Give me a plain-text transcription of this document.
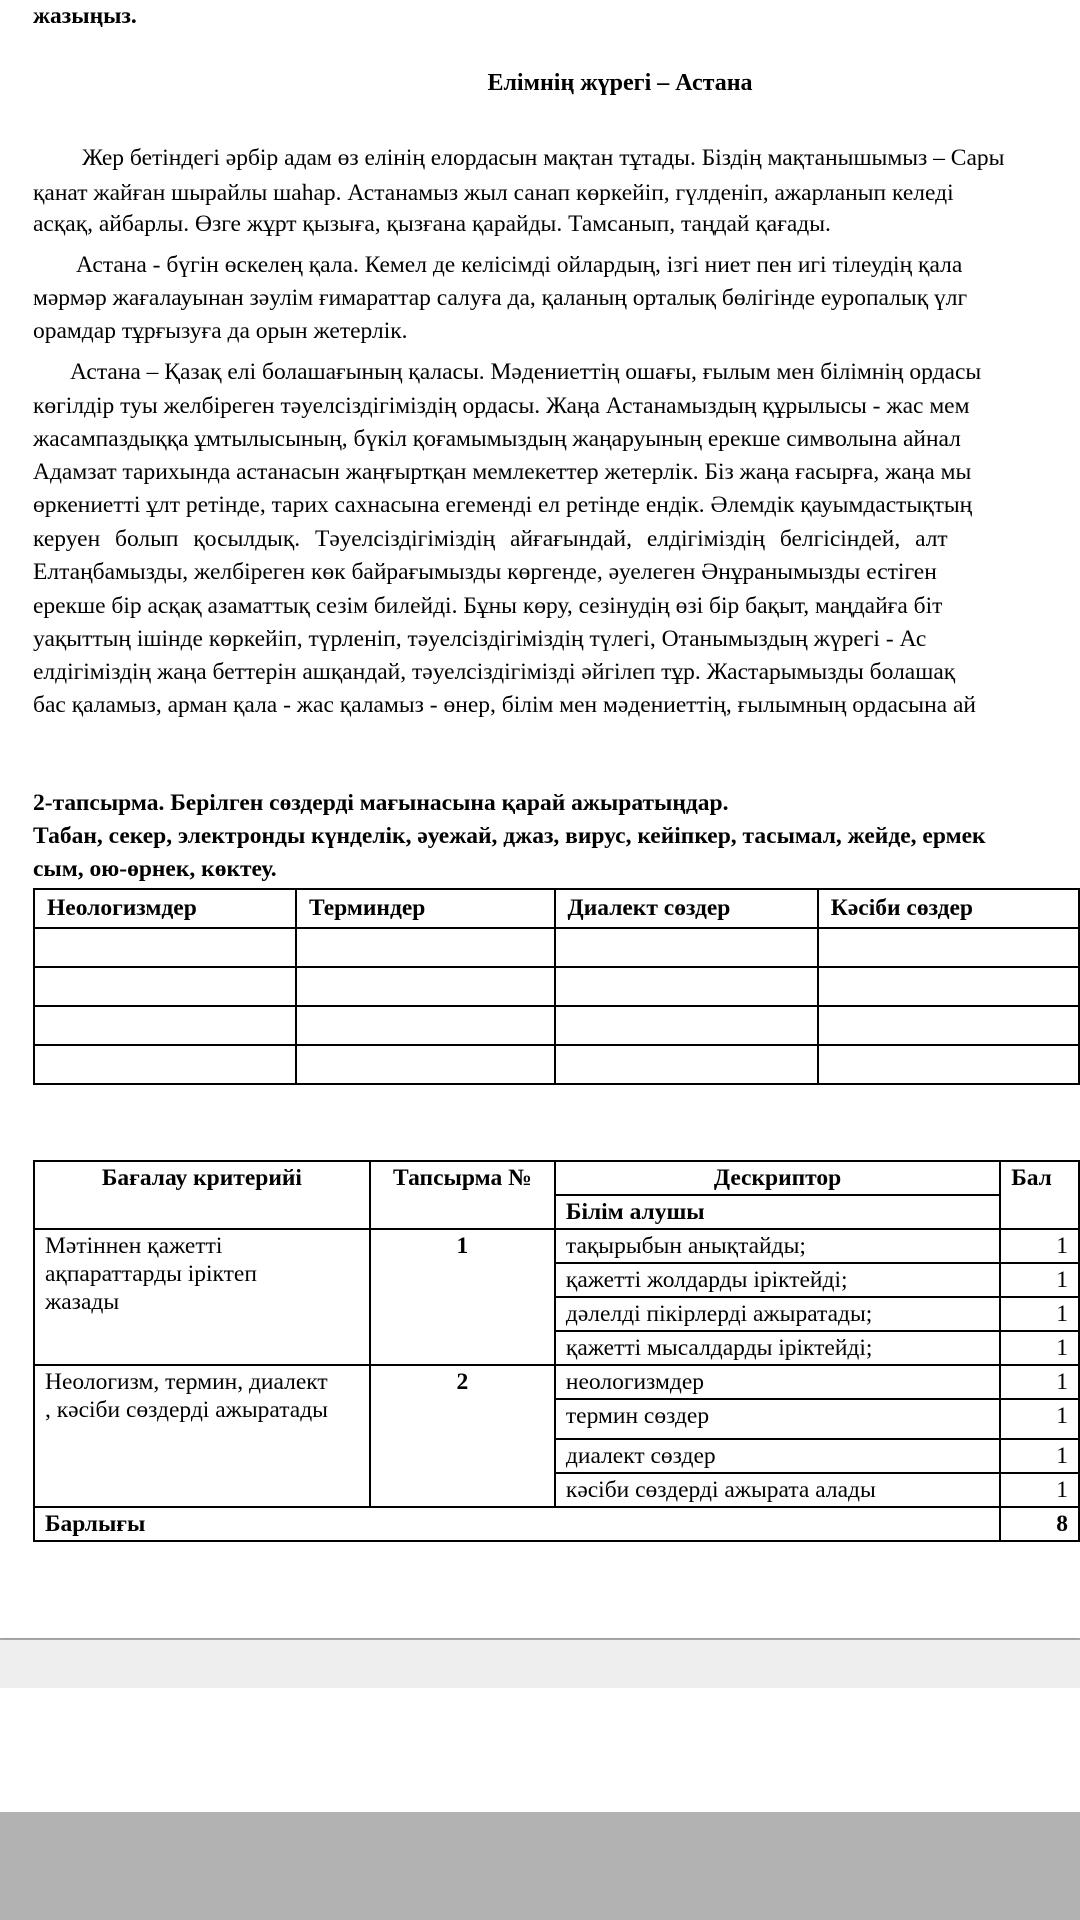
жазыңыз.
Елімнің жүрегі – Астана
Жер бетіндегі әрбір адам өз елінің елордасын мақтан тұтады. Біздің мақтанышымыз – Сары
қанат жайған шырайлы шаһар. Астанамыз жыл санап көркейіп, гүлденіп, ажарланып келеді
асқақ, айбарлы. Өзге жұрт қызыға, қызғана қарайды. Тамсанып, таңдай қағады.
Астана - бүгін өскелең қала. Кемел де келісімді ойлардың, ізгі ниет пен игі тілеудің қала
мәрмәр жағалауынан зәулім ғимараттар салуға да, қаланың орталық бөлігінде еуропалық үлг
орамдар тұрғызуға да орын жетерлік.
Астана – Қазақ елі болашағының қаласы. Мәдениеттің ошағы, ғылым мен білімнің ордасы
көгілдір туы желбіреген тәуелсіздігіміздің ордасы. Жаңа Астанамыздың құрылысы - жас мем
жасампаздыққа ұмтылысының, бүкіл қоғамымыздың жаңаруының ерекше символына айнал
Адамзат тарихында астанасын жаңғыртқан мемлекеттер жетерлік. Біз жаңа ғасырға, жаңа мы
өркениетті ұлт ретінде, тарих сахнасына егеменді ел ретінде ендік. Әлемдік қауымдастықтың
керуен болып қосылдық. Тәуелсіздігіміздің айғағындай, елдігіміздің белгісіндей, алт
Елтаңбамызды, желбіреген көк байрағымызды көргенде, әуелеген Әнұранымызды естіген
ерекше бір асқақ азаматтық сезім билейді. Бұны көру, сезінудің өзі бір бақыт, маңдайға біт
уақыттың ішінде көркейіп, түрленіп, тәуелсіздігіміздің түлегі, Отанымыздың жүрегі - Ас
елдігіміздің жаңа беттерін ашқандай, тәуелсіздігімізді әйгілеп тұр. Жастарымызды болашақ
бас қаламыз, арман қала - жас қаламыз - өнер, білім мен мәдениеттің, ғылымның ордасына ай
2-тапсырма. Берілген сөздерді мағынасына қарай ажыратыңдар.
Табан, секер, электронды күнделік, әуежай, джаз, вирус, кейіпкер, тасымал, жейде, ермек
сым, ою-өрнек, көктеу.
Неологизмдер	Терминдер	Диалект сөздер	Кәсіби сөздер

Бағалау критерийі	Тапсырма №	Дескриптор	Бал
		Білім алушы	

Мәтіннен қажетті
ақпараттарды іріктеп
жазады	1	тақырыбын анықтайды;	1
		қажетті жолдарды іріктейді;	1
		дәлелді пікірлерді ажыратады;	1
		қажетті мысалдарды іріктейді;	1

Неологизм, термин, диалект
, кәсіби сөздерді ажыратады	2	неологизмдер	1
		термин сөздер	1
		диалект сөздер	1
		кәсіби сөздерді ажырата алады	1
Барлығы			8
